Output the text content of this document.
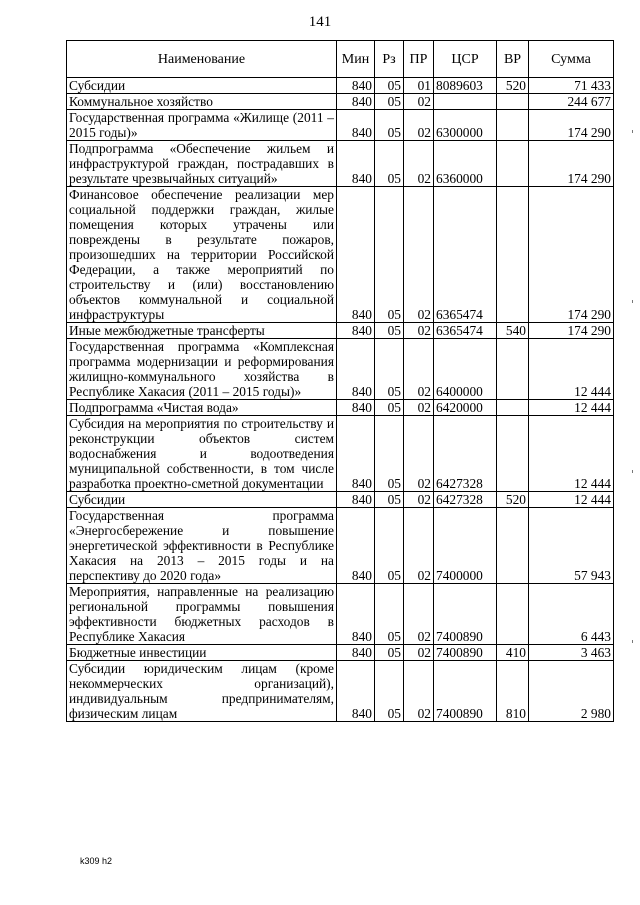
141
Наименование	Мин	Рз	ПР	ЦСР	ВР	Сумма
Субсидии	840	05	01	8089603	520	71 433
Коммунальное хозяйство	840	05	02			244 677
Государственная программа «Жилище (2011 – 2015 годы)»	840	05	02	6300000		174 290
Подпрограмма «Обеспечение жильем и инфраструктурой граждан, пострадавших в результате чрезвычайных ситуаций»	840	05	02	6360000		174 290
Финансовое обеспечение реализации мер социальной поддержки граждан, жилые помещения которых утрачены или повреждены в результате пожаров, произошедших на территории Российской Федерации, а также мероприятий по строительству и (или) восстановлению объектов коммунальной и социальной инфраструктуры	840	05	02	6365474		174 290
Иные межбюджетные трансферты	840	05	02	6365474	540	174 290
Государственная программа «Комплексная программа модернизации и реформирования жилищно-коммунального хозяйства в Республике Хакасия (2011 – 2015 годы)»	840	05	02	6400000		12 444
Подпрограмма «Чистая вода»	840	05	02	6420000		12 444
Субсидия на мероприятия по строительству и реконструкции объектов систем водоснабжения и водоотведения муниципальной собственности, в том числе разработка проектно-сметной документации	840	05	02	6427328		12 444
Субсидии	840	05	02	6427328	520	12 444
Государственная программа «Энергосбережение и повышение энергетической эффективности в Республике Хакасия на 2013 – 2015 годы и на перспективу до 2020 года»	840	05	02	7400000		57 943
Мероприятия, направленные на реализацию региональной программы повышения эффективности бюджетных расходов в Республике Хакасия	840	05	02	7400890		6 443
Бюджетные инвестиции	840	05	02	7400890	410	3 463
Субсидии юридическим лицам (кроме некоммерческих организаций), индивидуальным предпринимателям, физическим лицам	840	05	02	7400890	810	2 980
k309 h2
